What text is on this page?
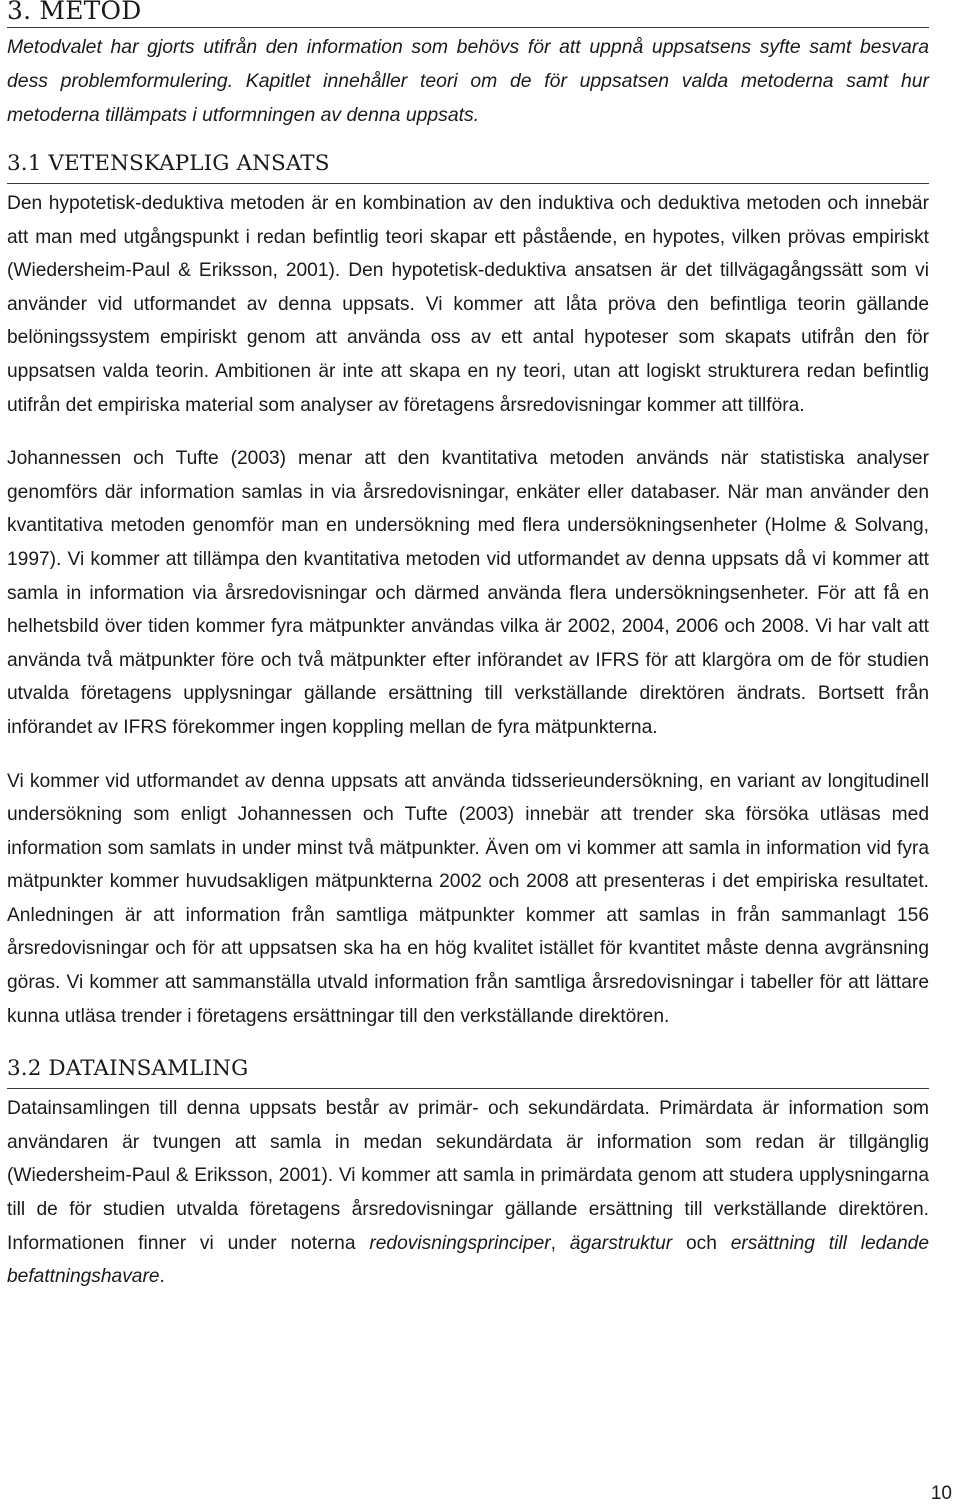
3. METOD

Metodvalet har gjorts utifrån den information som behövs för att uppnå uppsatsens syfte samt besvara dess problemformulering. Kapitlet innehåller teori om de för uppsatsen valda metoderna samt hur metoderna tillämpats i utformningen av denna uppsats.

3.1 VETENSKAPLIG ANSATS

Den hypotetisk-deduktiva metoden är en kombination av den induktiva och deduktiva metoden och innebär att man med utgångspunkt i redan befintlig teori skapar ett påstående, en hypotes, vilken prövas empiriskt (Wiedersheim-Paul & Eriksson, 2001). Den hypotetisk-deduktiva ansatsen är det tillvägagångssätt som vi använder vid utformandet av denna uppsats. Vi kommer att låta pröva den befintliga teorin gällande belöningssystem empiriskt genom att använda oss av ett antal hypoteser som skapats utifrån den för uppsatsen valda teorin. Ambitionen är inte att skapa en ny teori, utan att logiskt strukturera redan befintlig utifrån det empiriska material som analyser av företagens årsredovisningar kommer att tillföra.

Johannessen och Tufte (2003) menar att den kvantitativa metoden används när statistiska analyser genomförs där information samlas in via årsredovisningar, enkäter eller databaser. När man använder den kvantitativa metoden genomför man en undersökning med flera undersökningsenheter (Holme & Solvang, 1997). Vi kommer att tillämpa den kvantitativa metoden vid utformandet av denna uppsats då vi kommer att samla in information via årsredovisningar och därmed använda flera undersökningsenheter. För att få en helhetsbild över tiden kommer fyra mätpunkter användas vilka är 2002, 2004, 2006 och 2008. Vi har valt att använda två mätpunkter före och två mätpunkter efter införandet av IFRS för att klargöra om de för studien utvalda företagens upplysningar gällande ersättning till verkställande direktören ändrats. Bortsett från införandet av IFRS förekommer ingen koppling mellan de fyra mätpunkterna.

Vi kommer vid utformandet av denna uppsats att använda tidsserieundersökning, en variant av longitudinell undersökning som enligt Johannessen och Tufte (2003) innebär att trender ska försöka utläsas med information som samlats in under minst två mätpunkter. Även om vi kommer att samla in information vid fyra mätpunkter kommer huvudsakligen mätpunkterna 2002 och 2008 att presenteras i det empiriska resultatet. Anledningen är att information från samtliga mätpunkter kommer att samlas in från sammanlagt 156 årsredovisningar och för att uppsatsen ska ha en hög kvalitet istället för kvantitet måste denna avgränsning göras. Vi kommer att sammanställa utvald information från samtliga årsredovisningar i tabeller för att lättare kunna utläsa trender i företagens ersättningar till den verkställande direktören.

3.2 DATAINSAMLING

Datainsamlingen till denna uppsats består av primär- och sekundärdata. Primärdata är information som användaren är tvungen att samla in medan sekundärdata är information som redan är tillgänglig (Wiedersheim-Paul & Eriksson, 2001). Vi kommer att samla in primärdata genom att studera upplysningarna till de för studien utvalda företagens årsredovisningar gällande ersättning till verkställande direktören. Informationen finner vi under noterna redovisningsprinciper, ägarstruktur och ersättning till ledande befattningshavare.

10
